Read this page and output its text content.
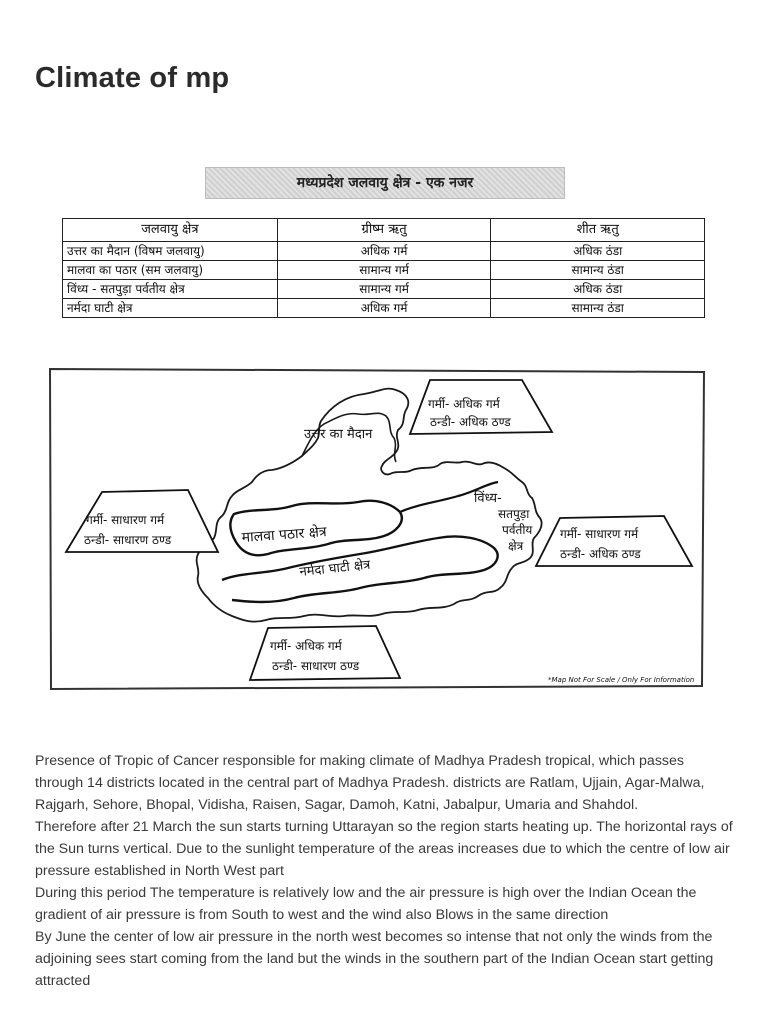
Climate of mp
मध्यप्रदेश जलवायु क्षेत्र - एक नजर
जलवायु क्षेत्र	ग्रीष्म ऋतु	शीत ऋतु
उत्तर का मैदान (विषम जलवायु)	अधिक गर्म	अधिक ठंडा
मालवा का पठार (सम जलवायु)	सामान्य गर्म	सामान्य ठंडा
विंध्य - सतपुड़ा पर्वतीय क्षेत्र	सामान्य गर्म	अधिक ठंडा
नर्मदा घाटी क्षेत्र	अधिक गर्म	सामान्य ठंडा
उत्तर का मैदान
मालवा पठार क्षेत्र
नर्मदा घाटी क्षेत्र
विंध्य-
सतपुड़ा
पर्वतीय
क्षेत्र
गर्मी- अधिक गर्म
ठन्डी- अधिक ठण्ड
गर्मी- साधारण गर्म
ठन्डी- साधारण ठण्ड	गर्मी- साधारण गर्म
ठन्डी- अधिक ठण्ड
गर्मी- अधिक गर्म
ठन्डी- साधारण ठण्ड
*Map Not For Scale / Only For Information

Presence of Tropic of Cancer responsible for making climate of Madhya Pradesh tropical, which passes through 14 districts located in the central part of Madhya Pradesh. districts are Ratlam, Ujjain, Agar-Malwa, Rajgarh, Sehore, Bhopal, Vidisha, Raisen, Sagar, Damoh, Katni, Jabalpur, Umaria and Shahdol.

Therefore after 21 March the sun starts turning Uttarayan so the region starts heating up. The horizontal rays of the Sun turns vertical. Due to the sunlight temperature of the areas increases due to which the centre of low air pressure established in North West part

During this period The temperature is relatively low and the air pressure is high over the Indian Ocean the gradient of air pressure is from South to west and the wind also Blows in the same direction

By June the center of low air pressure in the north west becomes so intense that not only the winds from the adjoining sees start coming from the land but the winds in the southern part of the Indian Ocean start getting attracted
